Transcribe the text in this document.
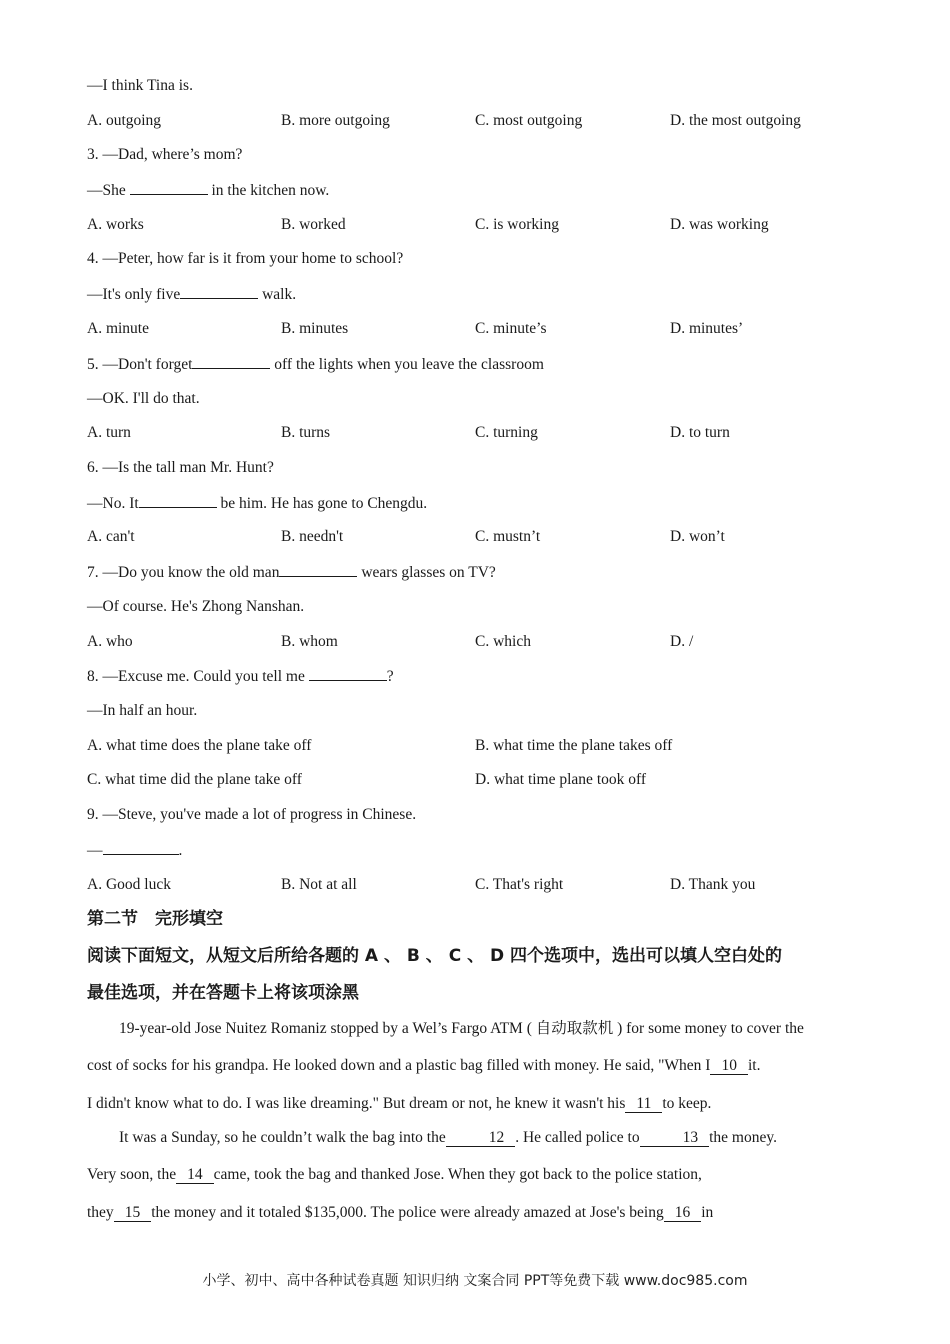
—I think Tina is.
A. outgoing	B. more outgoing	C. most outgoing	D. the most outgoing
3. —Dad, where’s mom?
—She	in the kitchen now.
A. works	B. worked	C. is working	D. was working
4. —Peter, how far is it from your home to school?
—It's only five	walk.
A. minute	B. minutes	C. minute’s	D. minutes’
5. —Don't forget	off the lights when you leave the classroom
—OK. I'll do that.
A. turn	B. turns	C. turning	D. to turn
6. —Is the tall man Mr. Hunt?
—No. It	be him. He has gone to Chengdu.
A. can't	B. needn't	C. mustn’t	D. won’t
7. —Do you know the old man	wears glasses on TV?
—Of course. He's Zhong Nanshan.
A. who	B. whom	C. which	D. /
8. —Excuse me. Could you tell me	?
—In half an hour.
A. what time does the plane take off	B. what time the plane takes off
C. what time did the plane take off	D. what time plane took off
9. —Steve, you've made a lot of progress in Chinese.
—	.
A. Good luck	B. Not at all	C. That's right	D. Thank you
第二节　完形填空
阅读下面短文，从短文后所给各题的 A 、 B 、 C 、 D 四个选项中，选出可以填人空白处的
最佳选项，并在答题卡上将该项涂黑
19-year-old Jose Nuitez Romaniz stopped by a Wel’s Fargo ATM ( 自动取款机 ) for some money to cover the
cost of socks for his grandpa. He looked down and a plastic bag filled with money. He said, "When I 10 it.
I didn't know what to do. I was like dreaming." But dream or not, he knew it wasn't his 11 to keep.
It was a Sunday, so he couldn’t walk the bag into the	12 . He called police to	13 the money.
Very soon, the 14 came, took the bag and thanked Jose. When they got back to the police station,
they 15 the money and it totaled $135,000. The police were already amazed at Jose's being 16 in
小学、初中、高中各种试卷真题 知识归纳 文案合同 PPT等免费下载 www.doc985.com
